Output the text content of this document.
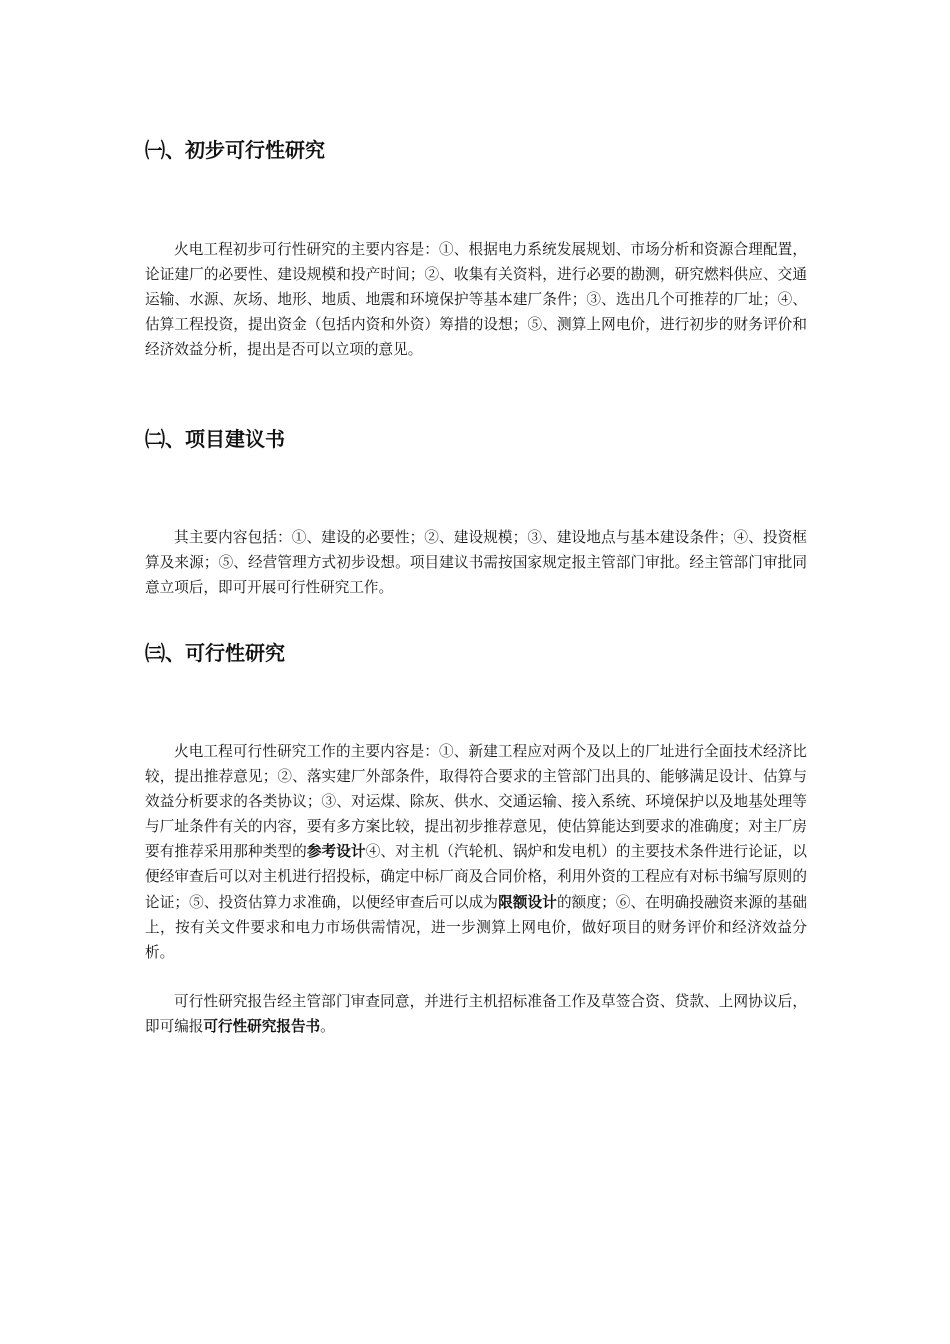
㈠、初步可行性研究

火电工程初步可行性研究的主要内容是：①、根据电力系统发展规划、市场分析和资源合理配置，论证建厂的必要性、建设规模和投产时间；②、收集有关资料，进行必要的勘测，研究燃料供应、交通运输、水源、灰场、地形、地质、地震和环境保护等基本建厂条件；③、选出几个可推荐的厂址；④、估算工程投资，提出资金（包括内资和外资）筹措的设想；⑤、测算上网电价，进行初步的财务评价和经济效益分析，提出是否可以立项的意见。

㈡、项目建议书

其主要内容包括：①、建设的必要性；②、建设规模；③、建设地点与基本建设条件；④、投资框算及来源；⑤、经营管理方式初步设想。项目建议书需按国家规定报主管部门审批。经主管部门审批同意立项后，即可开展可行性研究工作。

㈢、可行性研究

火电工程可行性研究工作的主要内容是：①、新建工程应对两个及以上的厂址进行全面技术经济比较，提出推荐意见；②、落实建厂外部条件，取得符合要求的主管部门出具的、能够满足设计、估算与效益分析要求的各类协议；③、对运煤、除灰、供水、交通运输、接入系统、环境保护以及地基处理等与厂址条件有关的内容，要有多方案比较，提出初步推荐意见，使估算能达到要求的准确度；对主厂房要有推荐采用那种类型的参考设计④、对主机（汽轮机、锅炉和发电机）的主要技术条件进行论证，以便经审查后可以对主机进行招投标，确定中标厂商及合同价格，利用外资的工程应有对标书编写原则的论证；⑤、投资估算力求准确，以便经审查后可以成为限额设计的额度；⑥、在明确投融资来源的基础上，按有关文件要求和电力市场供需情况，进一步测算上网电价，做好项目的财务评价和经济效益分析。

可行性研究报告经主管部门审查同意，并进行主机招标准备工作及草签合资、贷款、上网协议后，即可编报可行性研究报告书。
